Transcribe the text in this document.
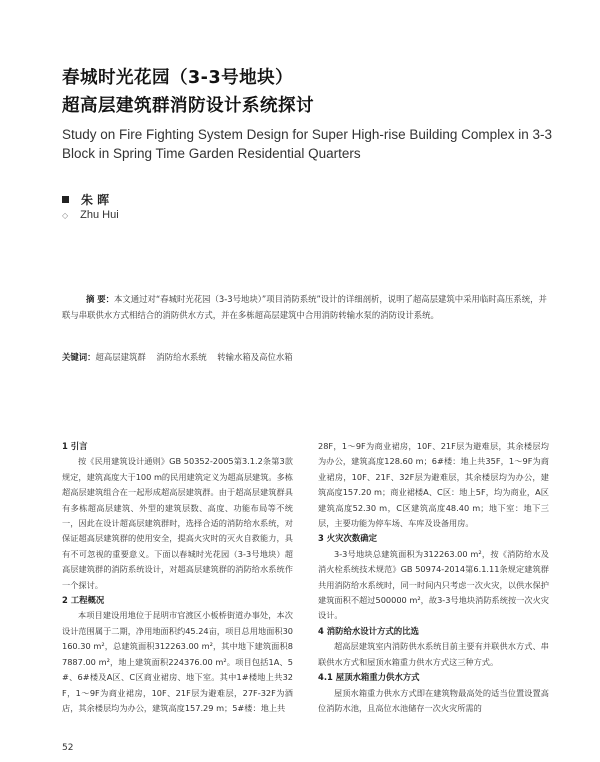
春城时光花园（3-3号地块）
超高层建筑群消防设计系统探讨
Study on Fire Fighting System Design for Super High-rise Building Complex in 3-3 Block in Spring Time Garden Residential Quarters
朱 晖
◇ Zhu Hui
摘 要：本文通过对“春城时光花园（3-3号地块）”项目消防系统”设计的详细剖析，说明了超高层建筑中采用临时高压系统，并联与串联供水方式相结合的消防供水方式，并在多栋超高层建筑中合用消防转输水泵的消防设计系统。
关键词：超高层建筑群    消防给水系统    转输水箱及高位水箱
1 引言

按《民用建筑设计通则》GB 50352-2005第3.1.2条第3款规定，建筑高度大于100 m的民用建筑定义为超高层建筑。多栋超高层建筑组合在一起形成超高层建筑群。由于超高层建筑群具有多栋超高层建筑、外型的建筑层数、高度、功能布局等不统一，因此在设计超高层建筑群时，选择合适的消防给水系统，对保证超高层建筑群的使用安全，提高火灾时的灭火自救能力，具有不可忽视的重要意义。下面以春城时光花园（3-3号地块）超高层建筑群的消防系统设计，对超高层建筑群的消防给水系统作一个探讨。

2 工程概况

本项目建设用地位于昆明市官渡区小板桥街道办事处，本次设计范围属于二期，净用地面积约45.24亩，项目总用地面积30160.30 m²，总建筑面积312263.00 m²，其中地下建筑面积87887.00 m²，地上建筑面积224376.00 m²。项目包括1A、5#、6#楼及A区、C区商业裙房、地下室。其中1#楼地上共32F，1～9F为商业裙房，10F、21F层为避难层，27F-32F为酒店，其余楼层均为办公，建筑高度157.29 m；5#楼：地上共

28F，1～9F为商业裙房，10F、21F层为避难层，其余楼层均为办公，建筑高度128.60 m；6#楼：地上共35F，1～9F为商业裙房，10F、21F、32F层为避难层，其余楼层均为办公，建筑高度157.20 m；商业裙楼A、C区：地上5F，均为商业，A区建筑高度52.30 m，C区建筑高度48.40 m；地下室：地下三层，主要功能为停车场、车库及设备用房。

3 火灾次数确定

3-3号地块总建筑面积为312263.00 m²，按《消防给水及消火栓系统技术规范》GB 50974-2014第6.1.11条规定建筑群共用消防给水系统时，同一时间内只考虑一次火灾，以供水保护建筑面积不超过500000 m²，故3-3号地块消防系统按一次火灾设计。

4 消防给水设计方式的比选

超高层建筑室内消防供水系统目前主要有并联供水方式、串联供水方式和屋顶水箱重力供水方式这三种方式。

4.1 屋顶水箱重力供水方式

屋顶水箱重力供水方式即在建筑物最高处的适当位置设置高位消防水池，且高位水池储存一次火灾所需的

52
